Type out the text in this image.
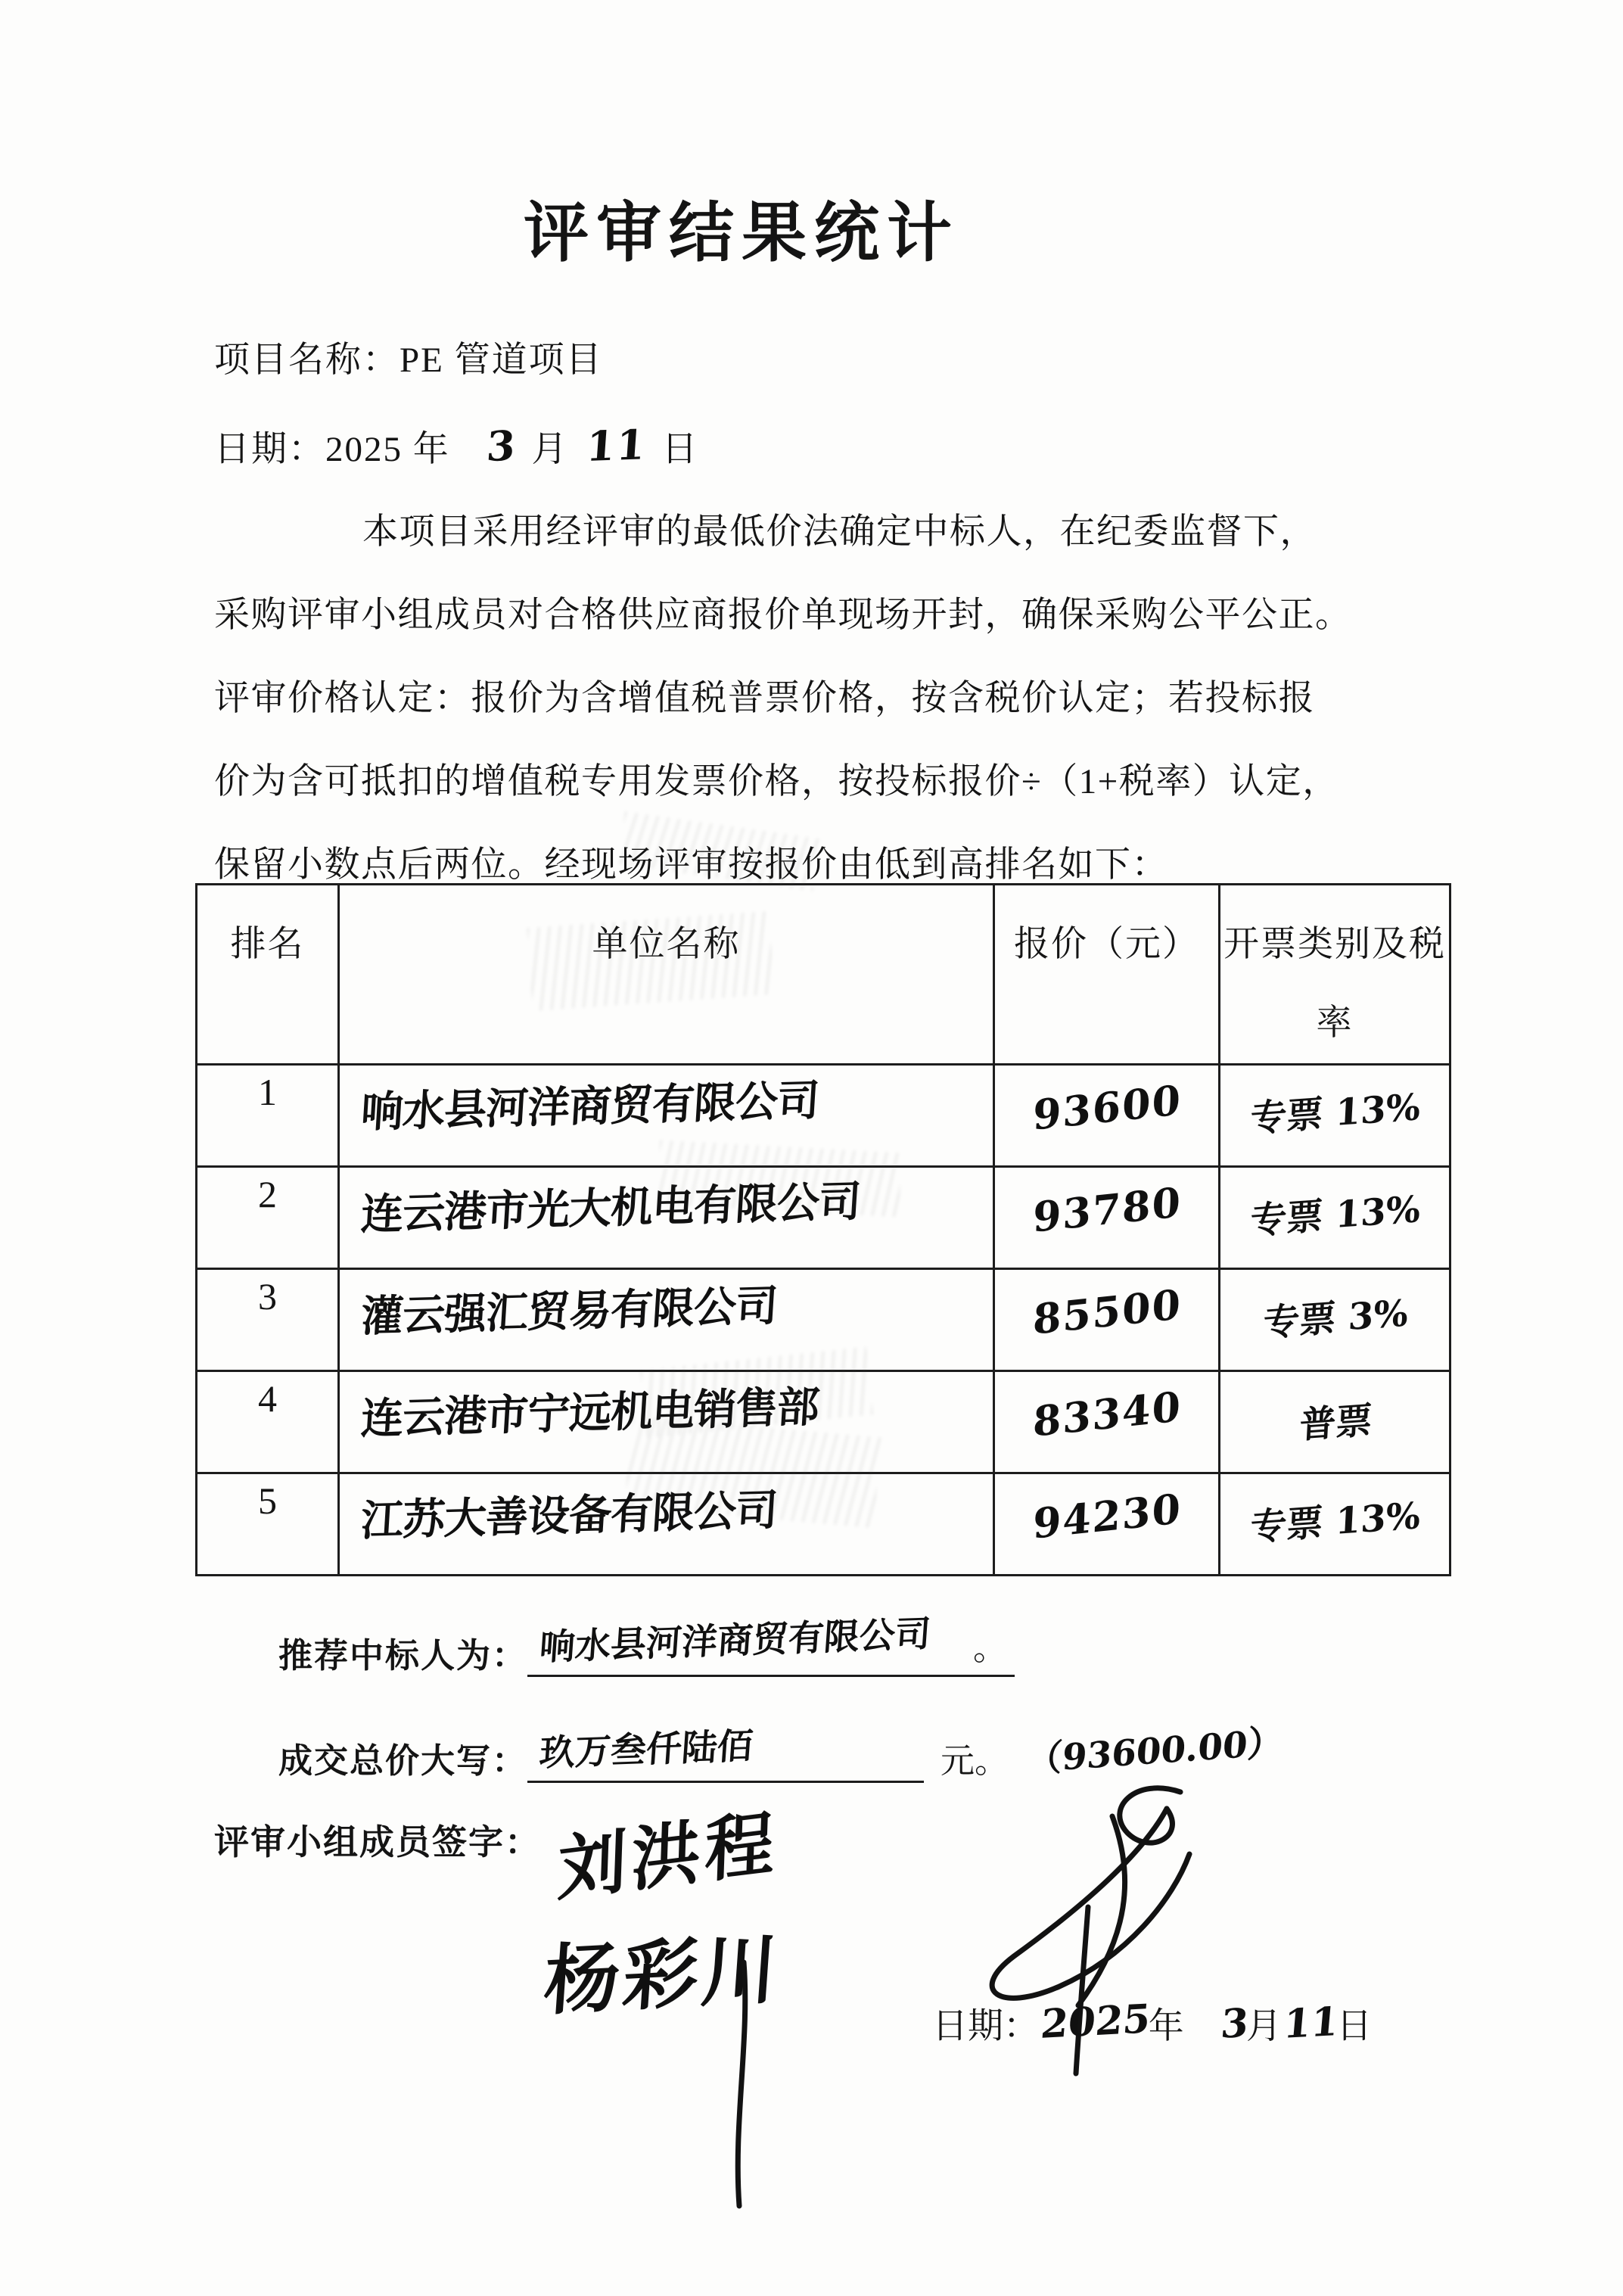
评审结果统计
项目名称：PE 管道项目
日期：2025 年 3 月 11 日
本项目采用经评审的最低价法确定中标人，在纪委监督下，
采购评审小组成员对合格供应商报价单现场开封，确保采购公平公正。
评审价格认定：报价为含增值税普票价格，按含税价认定；若投标报
价为含可抵扣的增值税专用发票价格，按投标报价÷（1+税率）认定，
保留小数点后两位。经现场评审按报价由低到高排名如下：
排名	单位名称	报价（元）	开票类别及税率
1	响水县河洋商贸有限公司	93600	专票 13%
2	连云港市光大机电有限公司	93780	专票 13%
3	灌云强汇贸易有限公司	85500	专票 3%
4	连云港市宁远机电销售部	83340	普票
5	江苏大善设备有限公司	94230	专票 13%
推荐中标人为： 响水县河洋商贸有限公司 。
成交总价大写： 玖万叁仟陆佰	元。 （93600.00）
评审小组成员签字： 刘洪程
杨彩川
日期：2025年 3月11日
